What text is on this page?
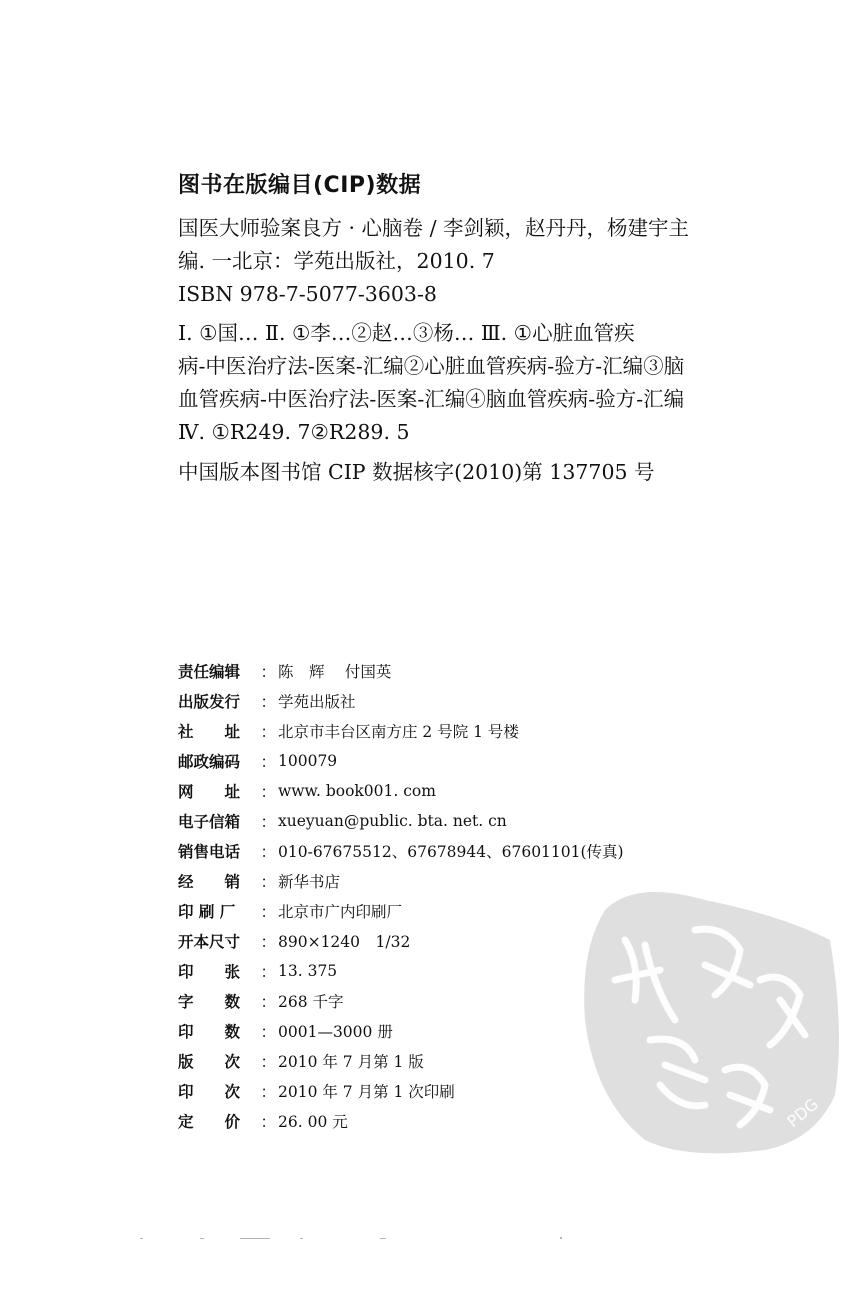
图书在版编目(CIP)数据

国医大师验案良方 · 心脑卷 / 李剑颖，赵丹丹，杨建宇主

编. 一北京：学苑出版社，2010. 7

ISBN 978-7-5077-3603-8

Ⅰ. ①国… Ⅱ. ①李…②赵…③杨… Ⅲ. ①心脏血管疾

病-中医治疗法-医案-汇编②心脏血管疾病-验方-汇编③脑

血管疾病-中医治疗法-医案-汇编④脑血管疾病-验方-汇编

Ⅳ. ①R249. 7②R289. 5

中国版本图书馆 CIP 数据核字(2010)第 137705 号
责任编辑	： 陈　辉　 付国英
出版发行	： 学苑出版社
社　　址	： 北京市丰台区南方庄 2 号院 1 号楼
邮政编码	： 100079
网　　址	： www. book001. com
电子信箱	： xueyuan@public. bta. net. cn
销售电话	： 010-67675512、67678944、67601101(传真)
经　　销	： 新华书店
印 刷 厂	： 北京市广内印刷厂
开本尺寸	： 890×1240　1/32
印　　张	： 13. 375
字　　数	： 268 千字
印　　数	： 0001—3000 册
版　　次	： 2010 年 7 月第 1 版
印　　次	： 2010 年 7 月第 1 次印刷
定　　价	： 26. 00 元	PDG
